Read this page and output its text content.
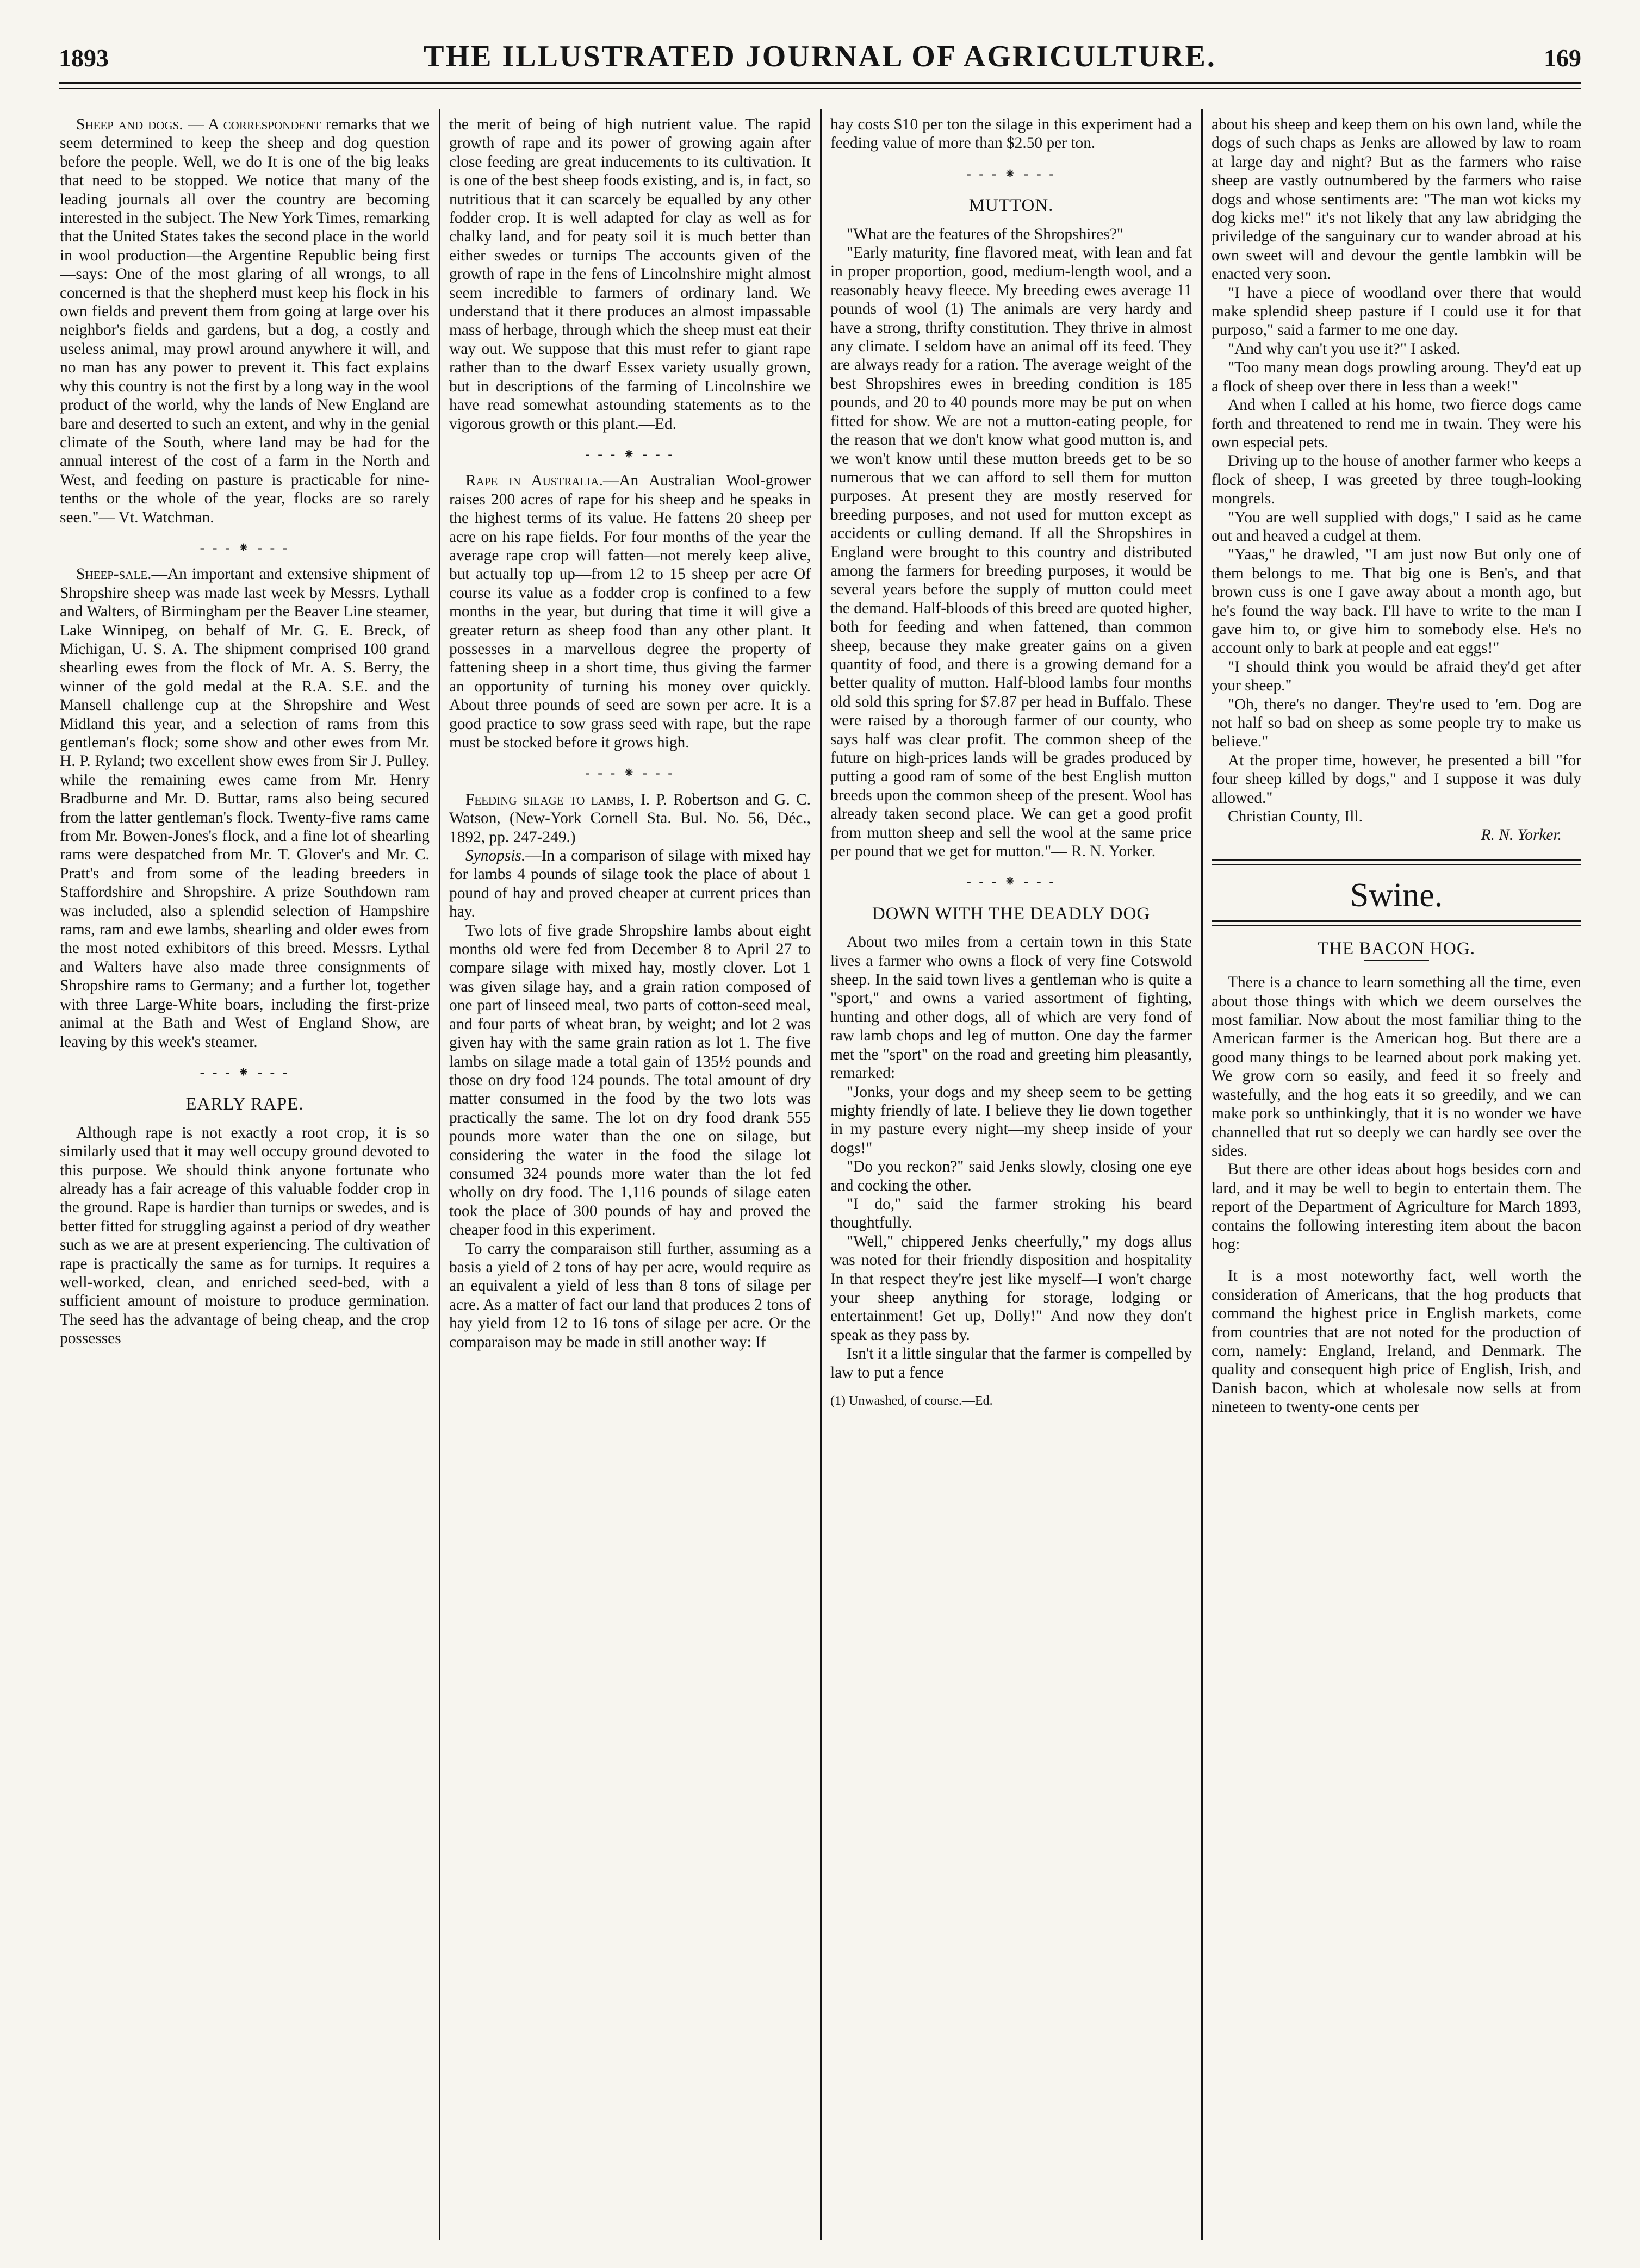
1893	THE ILLUSTRATED JOURNAL OF AGRICULTURE.	169

Sheep and dogs. — A correspondent remarks that we seem determined to keep the sheep and dog question before the people. Well, we do It is one of the big leaks that need to be stopped. We notice that many of the leading journals all over the country are becoming interested in the subject. The New York Times, remarking that the United States takes the second place in the world in wool production—the Argentine Republic being first—says: One of the most glaring of all wrongs, to all concerned is that the shepherd must keep his flock in his own fields and prevent them from going at large over his neighbor's fields and gardens, but a dog, a costly and useless animal, may prowl around anywhere it will, and no man has any power to prevent it. This fact explains why this country is not the first by a long way in the wool product of the world, why the lands of New England are bare and deserted to such an extent, and why in the genial climate of the South, where land may be had for the annual interest of the cost of a farm in the North and West, and feeding on pasture is practicable for nine-tenths or the whole of the year, flocks are so rarely seen."— Vt. Watchman.

- - - ⁕ - - -

Sheep-sale.—An important and extensive shipment of Shropshire sheep was made last week by Messrs. Lythall and Walters, of Birmingham per the Beaver Line steamer, Lake Winnipeg, on behalf of Mr. G. E. Breck, of Michigan, U. S. A. The shipment comprised 100 grand shearling ewes from the flock of Mr. A. S. Berry, the winner of the gold medal at the R.A. S.E. and the Mansell challenge cup at the Shropshire and West Midland this year, and a selection of rams from this gentleman's flock; some show and other ewes from Mr. H. P. Ryland; two excellent show ewes from Sir J. Pulley. while the remaining ewes came from Mr. Henry Bradburne and Mr. D. Buttar, rams also being secured from the latter gentleman's flock. Twenty-five rams came from Mr. Bowen-Jones's flock, and a fine lot of shearling rams were despatched from Mr. T. Glover's and Mr. C. Pratt's and from some of the leading breeders in Staffordshire and Shropshire. A prize Southdown ram was included, also a splendid selection of Hampshire rams, ram and ewe lambs, shearling and older ewes from the most noted exhibitors of this breed. Messrs. Lythal and Walters have also made three consignments of Shropshire rams to Germany; and a further lot, together with three Large-White boars, including the first-prize animal at the Bath and West of England Show, are leaving by this week's steamer.

- - - ⁕ - - -
EARLY RAPE.

Although rape is not exactly a root crop, it is so similarly used that it may well occupy ground devoted to this purpose. We should think anyone fortunate who already has a fair acreage of this valuable fodder crop in the ground. Rape is hardier than turnips or swedes, and is better fitted for struggling against a period of dry weather such as we are at present experiencing. The cultivation of rape is practically the same as for turnips. It requires a well-worked, clean, and enriched seed-bed, with a sufficient amount of moisture to produce germination. The seed has the advantage of being cheap, and the crop possesses

the merit of being of high nutrient value. The rapid growth of rape and its power of growing again after close feeding are great inducements to its cultivation. It is one of the best sheep foods existing, and is, in fact, so nutritious that it can scarcely be equalled by any other fodder crop. It is well adapted for clay as well as for chalky land, and for peaty soil it is much better than either swedes or turnips The accounts given of the growth of rape in the fens of Lincolnshire might almost seem incredible to farmers of ordinary land. We understand that it there produces an almost impassable mass of herbage, through which the sheep must eat their way out. We suppose that this must refer to giant rape rather than to the dwarf Essex variety usually grown, but in descriptions of the farming of Lincolnshire we have read somewhat astounding statements as to the vigorous growth or this plant.—Ed.

- - - ⁕ - - -

Rape in Australia.—An Australian Wool-grower raises 200 acres of rape for his sheep and he speaks in the highest terms of its value. He fattens 20 sheep per acre on his rape fields. For four months of the year the average rape crop will fatten—not merely keep alive, but actually top up—from 12 to 15 sheep per acre Of course its value as a fodder crop is confined to a few months in the year, but during that time it will give a greater return as sheep food than any other plant. It possesses in a marvellous degree the property of fattening sheep in a short time, thus giving the farmer an opportunity of turning his money over quickly. About three pounds of seed are sown per acre. It is a good practice to sow grass seed with rape, but the rape must be stocked before it grows high.

- - - ⁕ - - -

Feeding silage to lambs, I. P. Robertson and G. C. Watson, (New-York Cornell Sta. Bul. No. 56, Déc., 1892, pp. 247-249.)

Synopsis.—In a comparison of silage with mixed hay for lambs 4 pounds of silage took the place of about 1 pound of hay and proved cheaper at current prices than hay.

Two lots of five grade Shropshire lambs about eight months old were fed from December 8 to April 27 to compare silage with mixed hay, mostly clover. Lot 1 was given silage hay, and a grain ration composed of one part of linseed meal, two parts of cotton-seed meal, and four parts of wheat bran, by weight; and lot 2 was given hay with the same grain ration as lot 1. The five lambs on silage made a total gain of 135½ pounds and those on dry food 124 pounds. The total amount of dry matter consumed in the food by the two lots was practically the same. The lot on dry food drank 555 pounds more water than the one on silage, but considering the water in the food the silage lot consumed 324 pounds more water than the lot fed wholly on dry food. The 1,116 pounds of silage eaten took the place of 300 pounds of hay and proved the cheaper food in this experiment.

To carry the comparaison still further, assuming as a basis a yield of 2 tons of hay per acre, would require as an equivalent a yield of less than 8 tons of silage per acre. As a matter of fact our land that produces 2 tons of hay yield from 12 to 16 tons of silage per acre. Or the comparaison may be made in still another way: If

hay costs $10 per ton the silage in this experiment had a feeding value of more than $2.50 per ton.

- - - ⁕ - - -
MUTTON.

"What are the features of the Shropshires?"

"Early maturity, fine flavored meat, with lean and fat in proper proportion, good, medium-length wool, and a reasonably heavy fleece. My breeding ewes average 11 pounds of wool (1) The animals are very hardy and have a strong, thrifty constitution. They thrive in almost any climate. I seldom have an animal off its feed. They are always ready for a ration. The average weight of the best Shropshires ewes in breeding condition is 185 pounds, and 20 to 40 pounds more may be put on when fitted for show. We are not a mutton-eating people, for the reason that we don't know what good mutton is, and we won't know until these mutton breeds get to be so numerous that we can afford to sell them for mutton purposes. At present they are mostly reserved for breeding purposes, and not used for mutton except as accidents or culling demand. If all the Shropshires in England were brought to this country and distributed among the farmers for breeding purposes, it would be several years before the supply of mutton could meet the demand. Half-bloods of this breed are quoted higher, both for feeding and when fattened, than common sheep, because they make greater gains on a given quantity of food, and there is a growing demand for a better quality of mutton. Half-blood lambs four months old sold this spring for $7.87 per head in Buffalo. These were raised by a thorough farmer of our county, who says half was clear profit. The common sheep of the future on high-prices lands will be grades produced by putting a good ram of some of the best English mutton breeds upon the common sheep of the present. Wool has already taken second place. We can get a good profit from mutton sheep and sell the wool at the same price per pound that we get for mutton."— R. N. Yorker.

- - - ⁕ - - -
DOWN WITH THE DEADLY DOG

About two miles from a certain town in this State lives a farmer who owns a flock of very fine Cotswold sheep. In the said town lives a gentleman who is quite a "sport," and owns a varied assortment of fighting, hunting and other dogs, all of which are very fond of raw lamb chops and leg of mutton. One day the farmer met the "sport" on the road and greeting him pleasantly, remarked:

"Jonks, your dogs and my sheep seem to be getting mighty friendly of late. I believe they lie down together in my pasture every night—my sheep inside of your dogs!"

"Do you reckon?" said Jenks slowly, closing one eye and cocking the other.

"I do," said the farmer stroking his beard thoughtfully.

"Well," chippered Jenks cheerfully," my dogs allus was noted for their friendly disposition and hospitality In that respect they're jest like myself—I won't charge your sheep anything for storage, lodging or entertainment! Get up, Dolly!" And now they don't speak as they pass by.

Isn't it a little singular that the farmer is compelled by law to put a fence

(1) Unwashed, of course.—Ed.

about his sheep and keep them on his own land, while the dogs of such chaps as Jenks are allowed by law to roam at large day and night? But as the farmers who raise sheep are vastly outnumbered by the farmers who raise dogs and whose sentiments are: "The man wot kicks my dog kicks me!" it's not likely that any law abridging the priviledge of the sanguinary cur to wander abroad at his own sweet will and devour the gentle lambkin will be enacted very soon.

"I have a piece of woodland over there that would make splendid sheep pasture if I could use it for that purposo," said a farmer to me one day.

"And why can't you use it?" I asked.

"Too many mean dogs prowling aroung. They'd eat up a flock of sheep over there in less than a week!"

And when I called at his home, two fierce dogs came forth and threatened to rend me in twain. They were his own especial pets.

Driving up to the house of another farmer who keeps a flock of sheep, I was greeted by three tough-looking mongrels.

"You are well supplied with dogs," I said as he came out and heaved a cudgel at them.

"Yaas," he drawled, "I am just now But only one of them belongs to me. That big one is Ben's, and that brown cuss is one I gave away about a month ago, but he's found the way back. I'll have to write to the man I gave him to, or give him to somebody else. He's no account only to bark at people and eat eggs!"

"I should think you would be afraid they'd get after your sheep."

"Oh, there's no danger. They're used to 'em. Dog are not half so bad on sheep as some people try to make us believe."

At the proper time, however, he presented a bill "for four sheep killed by dogs," and I suppose it was duly allowed."

Christian County, Ill.

R. N. Yorker.
Swine.
THE BACON HOG.

There is a chance to learn something all the time, even about those things with which we deem ourselves the most familiar. Now about the most familiar thing to the American farmer is the American hog. But there are a good many things to be learned about pork making yet. We grow corn so easily, and feed it so freely and wastefully, and the hog eats it so greedily, and we can make pork so unthinkingly, that it is no wonder we have channelled that rut so deeply we can hardly see over the sides.

But there are other ideas about hogs besides corn and lard, and it may be well to begin to entertain them. The report of the Department of Agriculture for March 1893, contains the following interesting item about the bacon hog:

It is a most noteworthy fact, well worth the consideration of Americans, that the hog products that command the highest price in English markets, come from countries that are not noted for the production of corn, namely: England, Ireland, and Denmark. The quality and consequent high price of English, Irish, and Danish bacon, which at wholesale now sells at from nineteen to twenty-one cents per
